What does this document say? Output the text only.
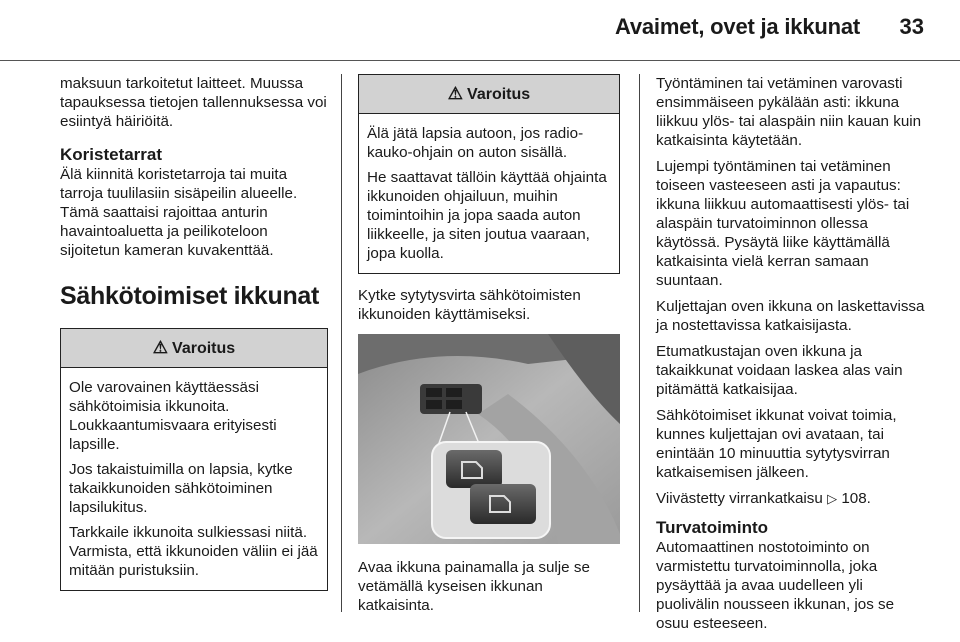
Avaimet, ovet ja ikkunat 33

maksuun tarkoitetut laitteet. Muussa tapauksessa tietojen tallennuksessa voi esiintyä häiriöitä.

Koristetarrat

Älä kiinnitä koristetarroja tai muita tarroja tuulilasiin sisäpeilin alueelle. Tämä saattaisi rajoittaa anturin havaintoaluetta ja peilikoteloon sijoitetun kameran kuvakenttää.

Sähkötoimiset ikkunat
⚠ Varoitus

Ole varovainen käyttäessäsi sähkötoimisia ikkunoita. Loukkaantumisvaara erityisesti lapsille.

Jos takaistuimilla on lapsia, kytke takaikkunoiden sähkötoiminen lapsilukitus.

Tarkkaile ikkunoita sulkiessasi niitä. Varmista, että ikkunoiden väliin ei jää mitään puristuksiin.

⚠ Varoitus

Älä jätä lapsia autoon, jos radio-kauko-ohjain on auton sisällä.

He saattavat tällöin käyttää ohjainta ikkunoiden ohjailuun, muihin toimintoihin ja jopa saada auton liikkeelle, ja siten joutua vaaraan, jopa kuolla.

Kytke sytytysvirta sähkötoimisten ikkunoiden käyttämiseksi.

Avaa ikkuna painamalla ja sulje se vetämällä kyseisen ikkunan katkaisinta.

Työntäminen tai vetäminen varovasti ensimmäiseen pykälään asti: ikkuna liikkuu ylös- tai alaspäin niin kauan kuin katkaisinta käytetään.

Lujempi työntäminen tai vetäminen toiseen vasteeseen asti ja vapautus: ikkuna liikkuu automaattisesti ylös- tai alaspäin turvatoiminnon ollessa käytössä. Pysäytä liike käyttämällä katkaisinta vielä kerran samaan suuntaan.

Kuljettajan oven ikkuna on laskettavissa ja nostettavissa katkaisijasta.

Etumatkustajan oven ikkuna ja takaikkunat voidaan laskea alas vain pitämättä katkaisijaa.

Sähkötoimiset ikkunat voivat toimia, kunnes kuljettajan ovi avataan, tai enintään 10 minuuttia sytytysvirran katkaisemisen jälkeen.

Viivästetty virrankatkaisu ▷ 108.

Turvatoiminto

Automaattinen nostotoiminto on varmistettu turvatoiminnolla, joka pysäyttää ja avaa uudelleen yli puolivälin nousseen ikkunan, jos se osuu esteeseen.
